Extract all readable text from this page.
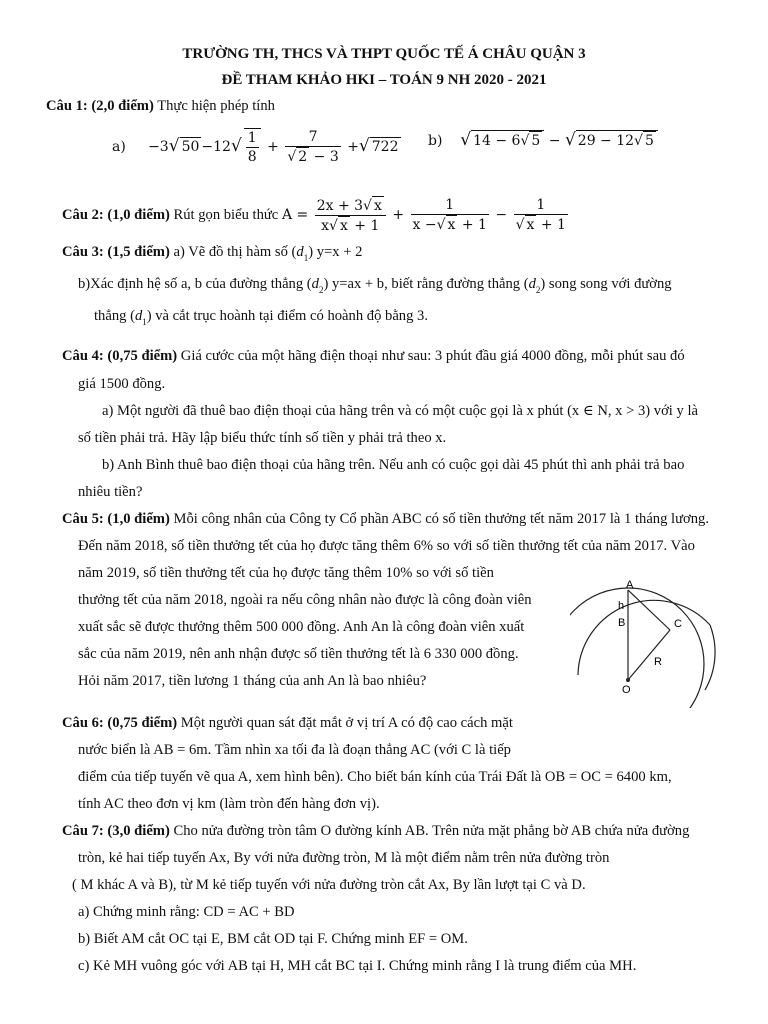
TRƯỜNG TH, THCS VÀ THPT QUỐC TẾ Á CHÂU QUẬN 3
ĐỀ THAM KHẢO HKI – TOÁN 9 NH 2020 - 2021
Câu 1: (2,0 điểm) Thực hiện phép tính
a) −3√ $50 -12√ \frac{1}{8} + \frac{7}{√ 2 - 3}$ +√ 722 b) √ 14 − 6√ 5 − √ 29 − 12√ 5
Câu 2: (1,0 điểm) Rút gọn biểu thức $A = \frac{2x + 3√ x}{x√ x + 1} + \frac{1}{x -√ x + 1} - \frac{1}{√ x + 1}$
Câu 3: (1,5 điểm) a) Vẽ đồ thị hàm số $(d_1) y=x + 2$
b)Xác định hệ số a, b của đường thẳng $(d_2) y=ax + b$, biết rằng đường thẳng $(d_2)$ song song với đường
thẳng $(d_1)$ và cắt trục hoành tại điểm có hoành độ bằng 3.
Câu 4: (0,75 điểm) Giá cước của một hãng điện thoại như sau: 3 phút đầu giá 4000 đồng, mỗi phút sau đó
giá 1500 đồng.
a) Một người đã thuê bao điện thoại của hãng trên và có một cuộc gọi là x phút (x ∈ N, x > 3) với y là
số tiền phải trả. Hãy lập biểu thức tính số tiền y phải trả theo x.
b) Anh Bình thuê bao điện thoại của hãng trên. Nếu anh có cuộc gọi dài 45 phút thì anh phải trả bao
nhiêu tiền?
Câu 5: (1,0 điểm) Mỗi công nhân của Công ty Cổ phần ABC có số tiền thưởng tết năm 2017 là 1 tháng lương.
Đến năm 2018, số tiền thưởng tết của họ được tăng thêm 6% so với số tiền thưởng tết của năm 2017. Vào
năm 2019, số tiền thưởng tết của họ được tăng thêm 10% so với số tiền
thưởng tết của năm 2018, ngoài ra nếu công nhân nào được là công đoàn viên
xuất sắc sẽ được thưởng thêm 500 000 đồng. Anh An là công đoàn viên xuất
sắc của năm 2019, nên anh nhận được số tiền thưởng tết là 6 330 000 đồng.
Hỏi năm 2017, tiền lương 1 tháng của anh An là bao nhiêu?
A
h
B	C
R
O
Câu 6: (0,75 điểm) Một người quan sát đặt mắt ở vị trí A có độ cao cách mặt
nước biển là AB = 6m. Tầm nhìn xa tối đa là đoạn thẳng AC (với C là tiếp
điểm của tiếp tuyến vẽ qua A, xem hình bên). Cho biết bán kính của Trái Đất là OB = OC = 6400 km,
tính AC theo đơn vị km (làm tròn đến hàng đơn vị).
Câu 7: (3,0 điểm) Cho nửa đường tròn tâm O đường kính AB. Trên nửa mặt phẳng bờ AB chứa nửa đường
tròn, kẻ hai tiếp tuyến Ax, By với nửa đường tròn, M là một điểm nằm trên nửa đường tròn
( M khác A và B), từ M kẻ tiếp tuyến với nửa đường tròn cắt Ax, By lần lượt tại C và D.
a) Chứng minh rằng: CD = AC + BD
b) Biết AM cắt OC tại E, BM cắt OD tại F. Chứng minh EF = OM.
c) Kẻ MH vuông góc với AB tại H, MH cắt BC tại I. Chứng minh rằng I là trung điểm của MH.
